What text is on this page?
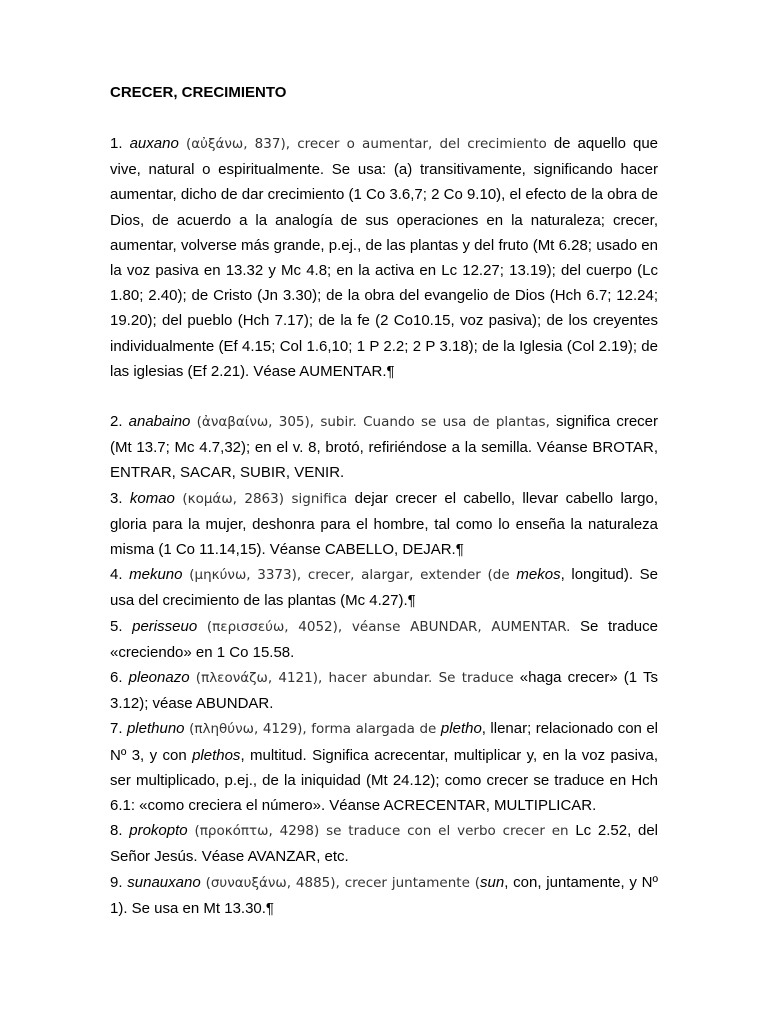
CRECER, CRECIMIENTO

1. auxano (αὐξάνω, 837), crecer o aumentar, del crecimiento de aquello que vive, natural o espiritualmente. Se usa: (a) transitivamente, significando hacer aumentar, dicho de dar crecimiento (1 Co 3.6,7; 2 Co 9.10), el efecto de la obra de Dios, de acuerdo a la analogía de sus operaciones en la naturaleza; crecer, aumentar, volverse más grande, p.ej., de las plantas y del fruto (Mt 6.28; usado en la voz pasiva en 13.32 y Mc 4.8; en la activa en Lc 12.27; 13.19); del cuerpo (Lc 1.80; 2.40); de Cristo (Jn 3.30); de la obra del evangelio de Dios (Hch 6.7; 12.24; 19.20); del pueblo (Hch 7.17); de la fe (2 Co10.15, voz pasiva); de los creyentes individualmente (Ef 4.15; Col 1.6,10; 1 P 2.2; 2 P 3.18); de la Iglesia (Col 2.19); de las iglesias (Ef 2.21). Véase AUMENTAR.¶

2. anabaino (ἀναβαίνω, 305), subir. Cuando se usa de plantas, significa crecer (Mt 13.7; Mc 4.7,32); en el v. 8, brotó, refiriéndose a la semilla. Véanse BROTAR, ENTRAR, SACAR, SUBIR, VENIR.

3. komao (κομάω, 2863) significa dejar crecer el cabello, llevar cabello largo, gloria para la mujer, deshonra para el hombre, tal como lo enseña la naturaleza misma (1 Co 11.14,15). Véanse CABELLO, DEJAR.¶

4. mekuno (μηκύνω, 3373), crecer, alargar, extender (de mekos, longitud). Se usa del crecimiento de las plantas (Mc 4.27).¶

5. perisseuo (περισσεύω, 4052), véanse ABUNDAR, AUMENTAR. Se traduce «creciendo» en 1 Co 15.58.

6. pleonazo (πλεονάζω, 4121), hacer abundar. Se traduce «haga crecer» (1 Ts 3.12); véase ABUNDAR.

7. plethuno (πληθύνω, 4129), forma alargada de pletho, llenar; relacionado con el Nº 3, y con plethos, multitud. Significa acrecentar, multiplicar y, en la voz pasiva, ser multiplicado, p.ej., de la iniquidad (Mt 24.12); como crecer se traduce en Hch 6.1: «como creciera el número». Véanse ACRECENTAR, MULTIPLICAR.

8. prokopto (προκόπτω, 4298) se traduce con el verbo crecer en Lc 2.52, del Señor Jesús. Véase AVANZAR, etc.

9. sunauxano (συναυξάνω, 4885), crecer juntamente (sun, con, juntamente, y Nº 1). Se usa en Mt 13.30.¶
